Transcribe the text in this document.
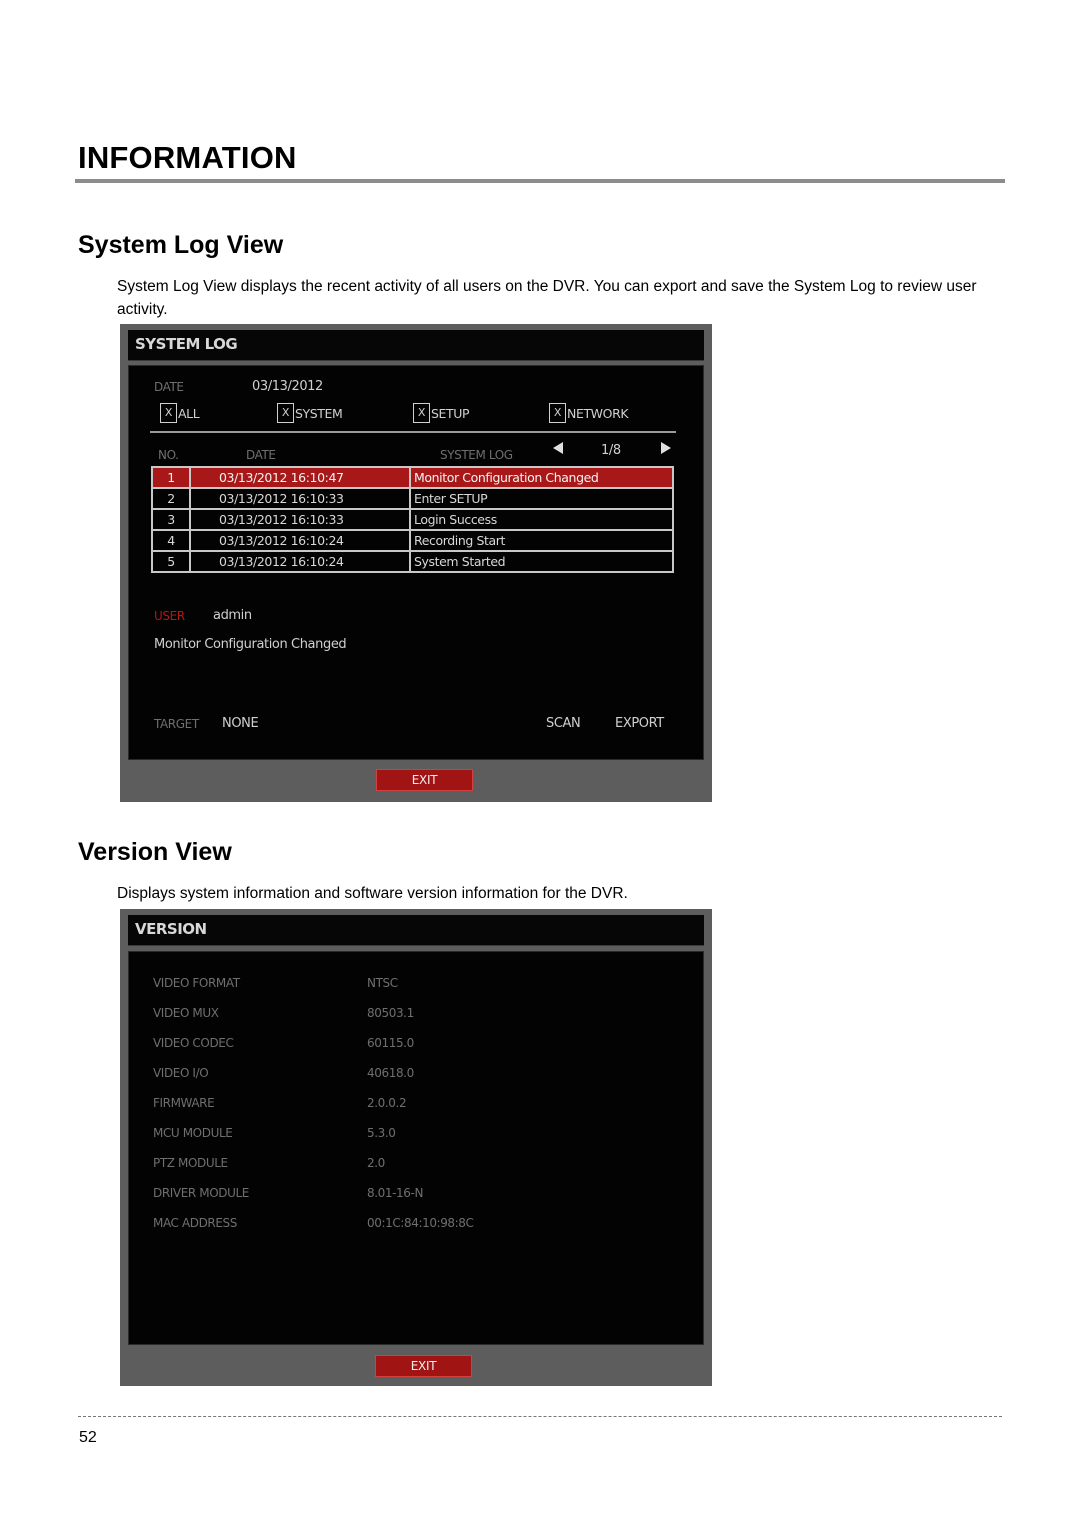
INFORMATION
System Log View
System Log View displays the recent activity of all users on the DVR. You can export and save the System Log to review user activity.
SYSTEM LOG
DATE	03/13/2012
X ALL	X SYSTEM	X SETUP	X NETWORK
NO.	DATE	SYSTEM LOG	1/8
1	03/13/2012 16:10:47	Monitor Configuration Changed
2	03/13/2012 16:10:33	Enter SETUP
3	03/13/2012 16:10:33	Login Success
4	03/13/2012 16:10:24	Recording Start
5	03/13/2012 16:10:24	System Started
USER admin
Monitor Configuration Changed
TARGET NONE	SCAN	EXPORT
EXIT
Version View
Displays system information and software version information for the DVR.
VERSION
VIDEO FORMAT	NTSC
VIDEO MUX	80503.1
VIDEO CODEC	60115.0
VIDEO I/O	40618.0
FIRMWARE	2.0.0.2
MCU MODULE	5.3.0
PTZ MODULE	2.0
DRIVER MODULE	8.01-16-N
MAC ADDRESS	00:1C:84:10:98:8C
EXIT
52
